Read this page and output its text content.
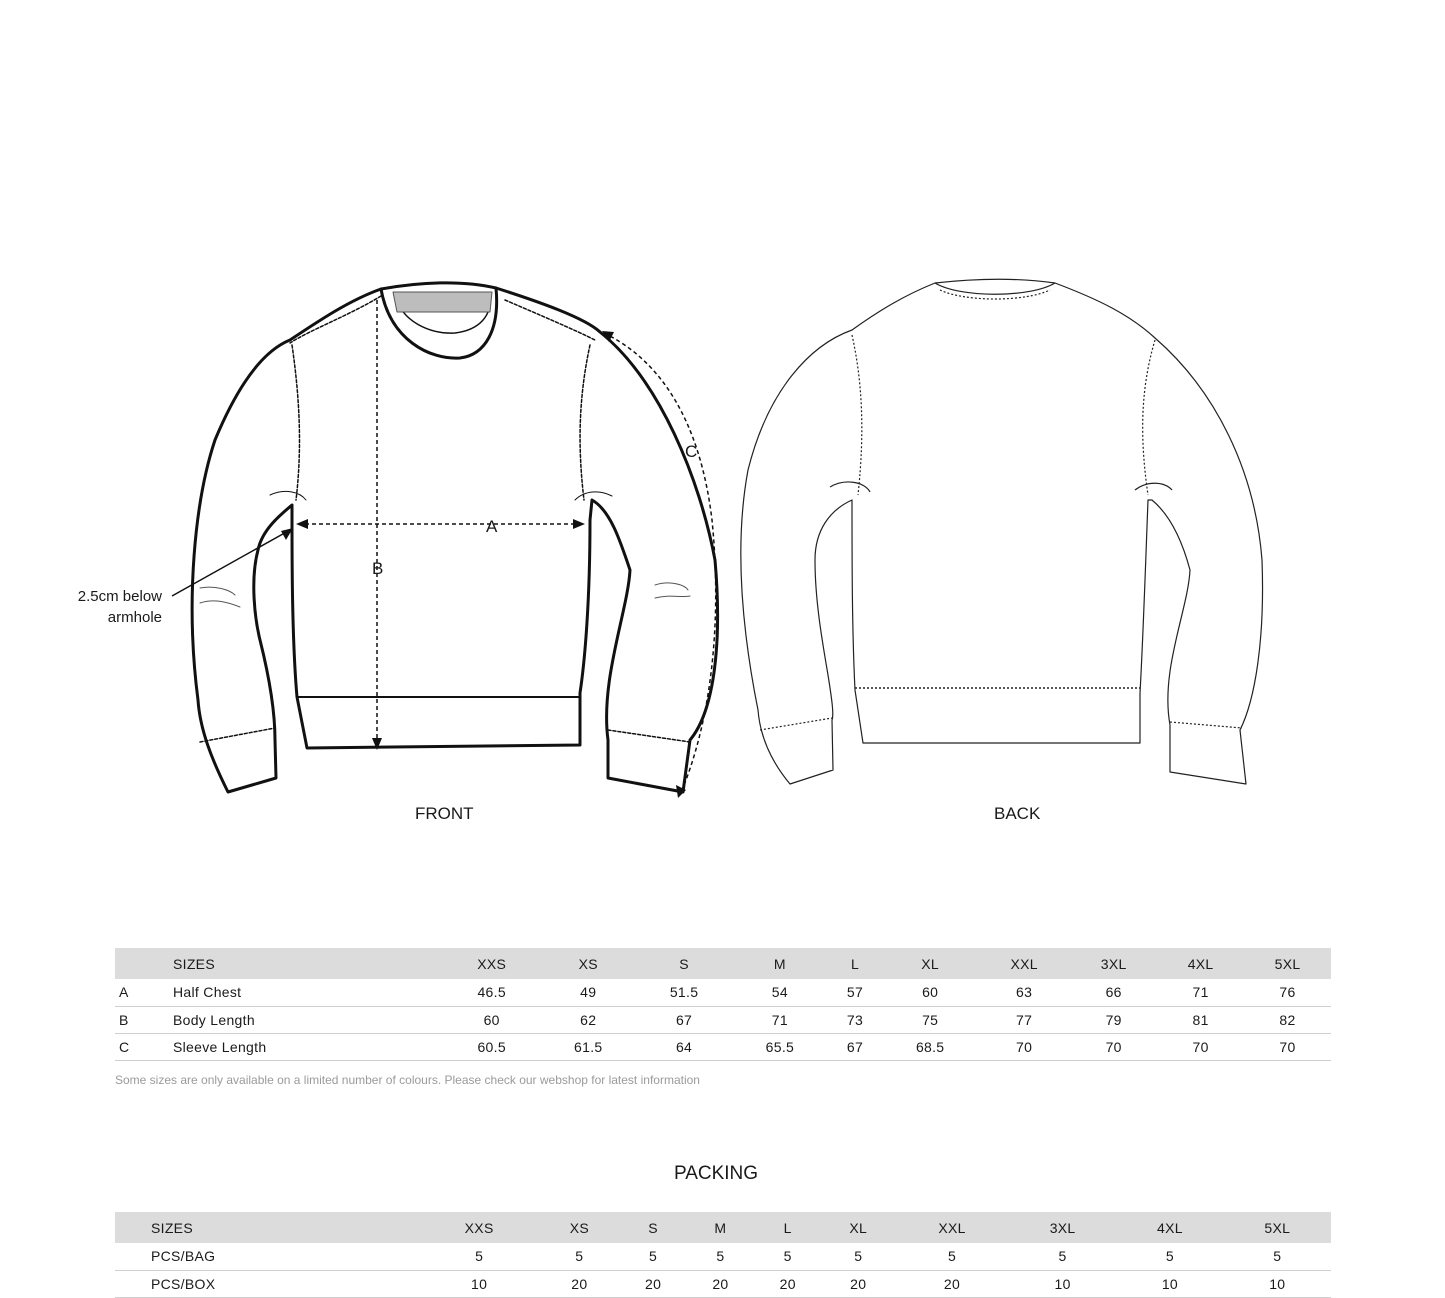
A
B
C
2.5cm below
armhole
FRONT	BACK
	SIZES	XXS	XS	S	M	L	XL	XXL	3XL	4XL	5XL
A	Half Chest	46.5	49	51.5	54	57	60	63	66	71	76
B	Body Length	60	62	67	71	73	75	77	79	81	82
C	Sleeve Length	60.5	61.5	64	65.5	67	68.5	70	70	70	70
Some sizes are only available on a limited number of colours. Please check our webshop for latest information
PACKING
SIZES	XXS	XS	S	M	L	XL	XXL	3XL	4XL	5XL
PCS/BAG	5	5	5	5	5	5	5	5	5	5
PCS/BOX	10	20	20	20	20	20	20	10	10	10
